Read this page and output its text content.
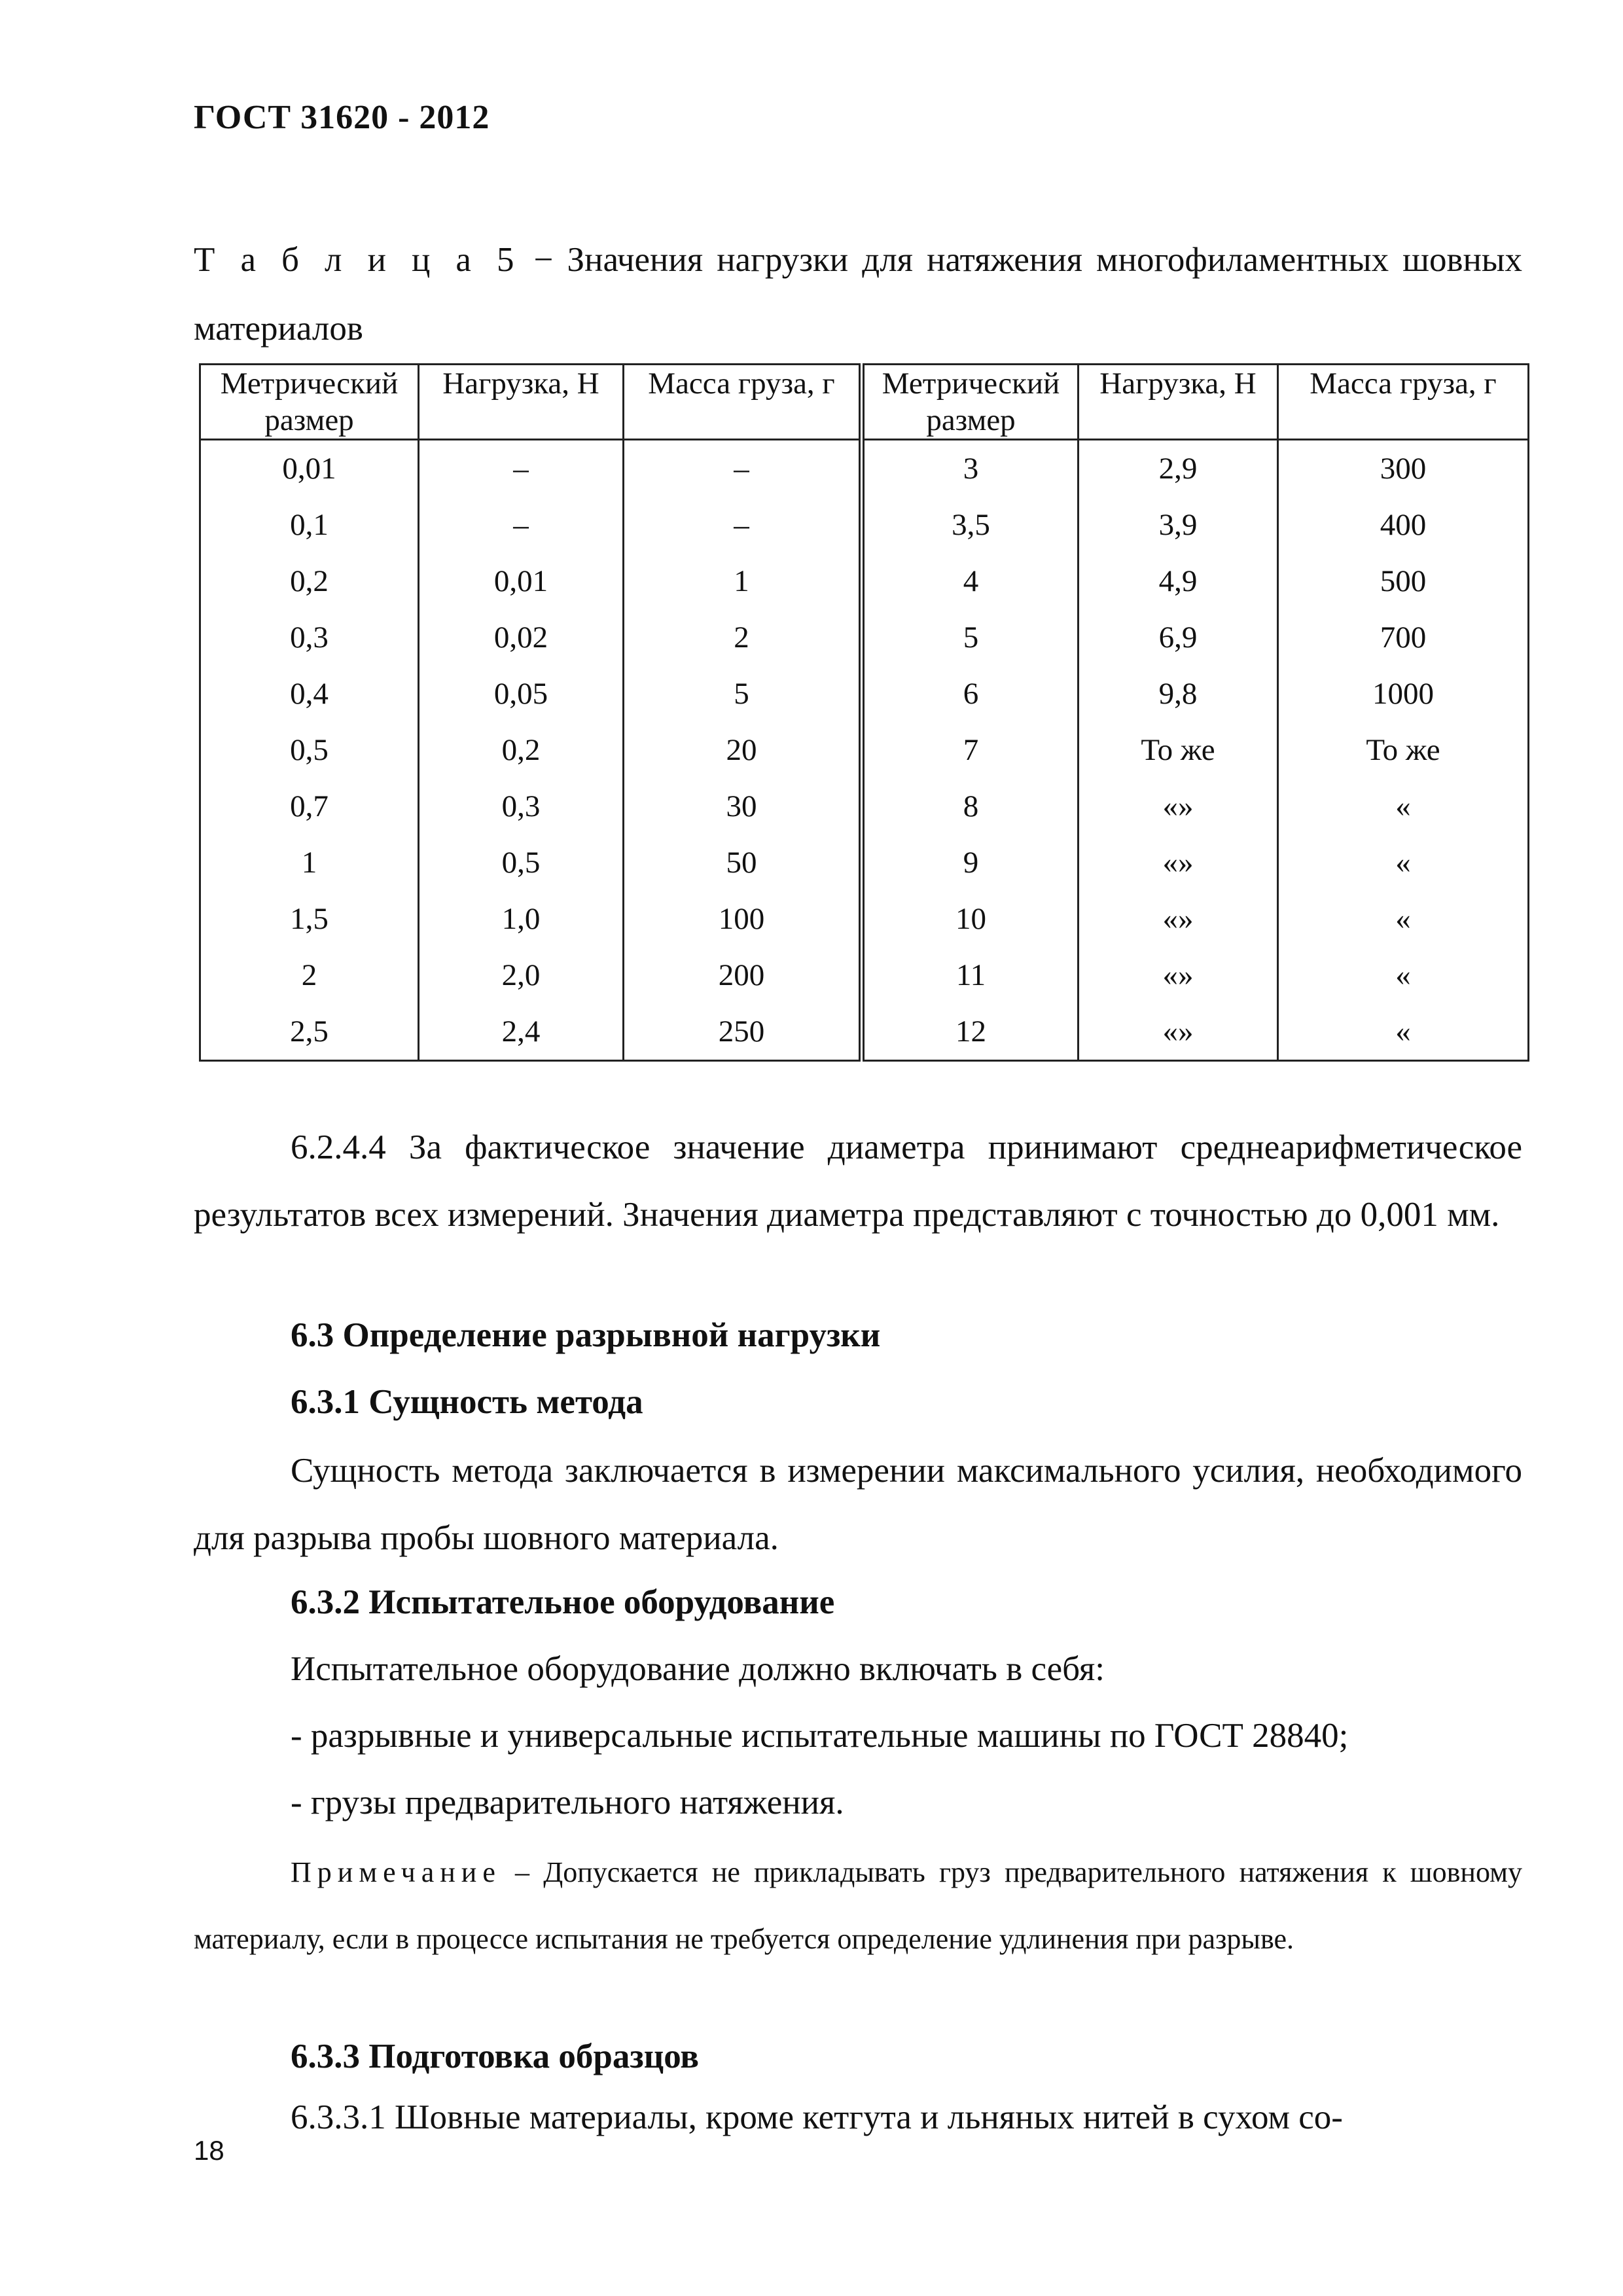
ГОСТ 31620 - 2012
Т а б л и ц а 5 − Значения нагрузки для натяжения многофиламентных шовных
материалов
Метрический размер	Нагрузка, Н	Масса груза, г	Метрический размер	Нагрузка, Н	Масса груза, г
0,01	–	–	3	2,9	300
0,1	–	–	3,5	3,9	400
0,2	0,01	1	4	4,9	500
0,3	0,02	2	5	6,9	700
0,4	0,05	5	6	9,8	1000
0,5	0,2	20	7	То же	То же
0,7	0,3	30	8	«»	«
1	0,5	50	9	«»	«
1,5	1,0	100	10	«»	«
2	2,0	200	11	«»	«
2,5	2,4	250	12	«»	«
6.2.4.4 За фактическое значение диаметра принимают среднеарифметическое результатов всех измерений. Значения диаметра представляют с точностью до 0,001 мм.
6.3 Определение разрывной нагрузки
6.3.1 Сущность метода
Сущность метода заключается в измерении максимального усилия, необходимого для разрыва пробы шовного материала.
6.3.2 Испытательное оборудование
Испытательное оборудование должно включать в себя:
- разрывные и универсальные испытательные машины по ГОСТ 28840;
- грузы предварительного натяжения.
Примечание – Допускается не прикладывать груз предварительного натяжения к шовному материалу, если в процессе испытания не требуется определение удлинения при разрыве.
6.3.3 Подготовка образцов
6.3.3.1 Шовные материалы, кроме кетгута и льняных нитей в сухом со-
18
